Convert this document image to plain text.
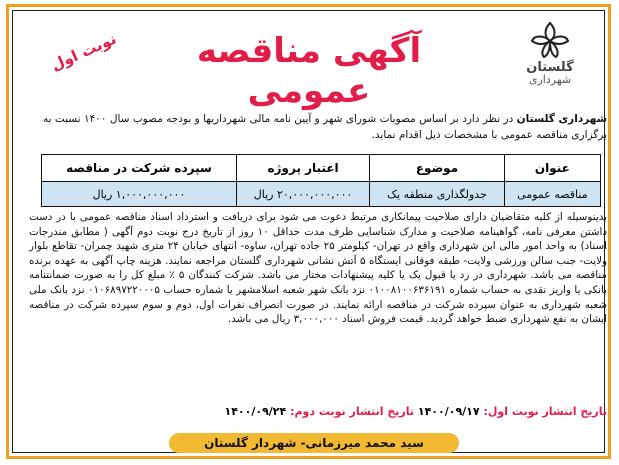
گلستان
شهرداری
نوبت اول	آگهی مناقصه عمومی
شهرداری گلستان در نظر دارد بر اساس مصوبات شورای شهر و آیین نامه مالی شهرداریها و بودجه مصوب سال ۱۴۰۰ نسبت به برگزاری مناقصه عمومی با مشخصات ذیل اقدام نماید.
عنوان	موضوع	اعتبار پروژه	سپرده شرکت در مناقصه
مناقصه عمومی	جدولگذاری منطقه یک	۲۰,۰۰۰,۰۰۰,۰۰۰ ریال	۱,۰۰۰,۰۰۰,۰۰۰ ریال
بدینوسیله از کلیه متقاضیان دارای صلاحیت پیمانکاری مرتبط دعوت می شود برای دریافت و استرداد اسناد مناقصه عمومی با در دست داشتن معرفی نامه، گواهینامه صلاحیت و مدارک شناسایی ظرف مدت حداقل ۱۰ روز از تاریخ درج نوبت دوم آگهی ( مطابق مندرجات اسناد) به واحد امور مالی این شهرداری واقع در تهران- کیلومتر ۲۵ جاده تهران، ساوه- انتهای خیابان ۲۴ متری شهید چمران- تقاطع بلوار ولایت- جنب سالن ورزشی ولایت- طبقه فوقانی ایستگاه ۵ آتش نشانی شهرداری گلستان مراجعه نمایند. هزینه چاپ آگهی به عهده برنده مناقصه می باشد. شهرداری در رد یا قبول یک یا کلیه پیشنهادات مختار می باشد. شرکت کنندگان ۵ ٪ مبلغ کل را به صورت ضمانتنامه بانکی یا واریز نقدی به حساب شماره ۰۱۰۰۸۱۰۰۶۳۶۱۹۱ نزد بانک شهر شعبه اسلامشهر یا شماره حساب ۰۱۰۶۸۹۷۲۲۰۰۰۵ نزد بانک ملی شعبه شهرداری به عنوان سپرده شرکت در مناقصه ارائه نمایند. در صورت انصراف نفرات اول، دوم و سوم سپرده شرکت در مناقصه ایشان به نفع شهرداری ضبط خواهد گردید. قیمت فروش اسناد ۳,۰۰۰,۰۰۰ ریال می باشد.
تاریخ انتشار نوبت اول: ۱۴۰۰/۰۹/۱۷ تاریخ انتشار نوبت دوم: ۱۴۰۰/۰۹/۲۴
سید محمد میرزمانی- شهردار گلستان
